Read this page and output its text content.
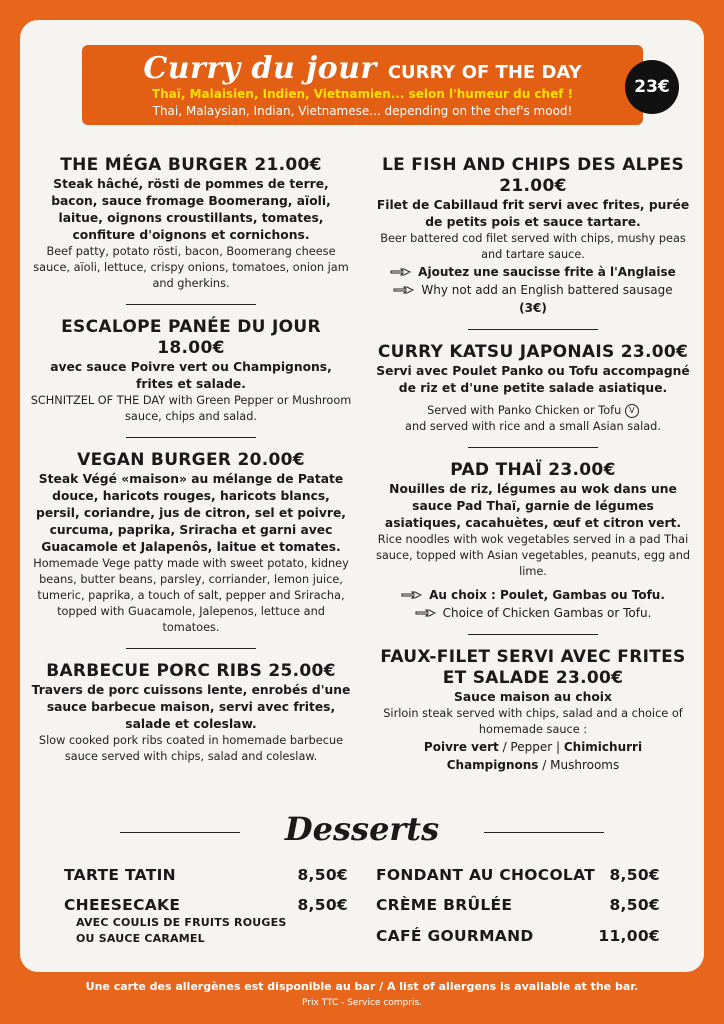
Curry du jour CURRY OF THE DAY
Thaï, Malaisien, Indien, Vietnamien... selon l'humeur du chef !
Thai, Malaysian, Indian, Vietnamese... depending on the chef's mood!
23€
THE MÉGA BURGER 21.00€
Steak hâché, rösti de pommes de terre, bacon, sauce fromage Boomerang, aïoli, laitue, oignons croustillants, tomates, confiture d'oignons et cornichons.
Beef patty, potato rösti, bacon, Boomerang cheese sauce, aïoli, lettuce, crispy onions, tomatoes, onion jam and gherkins.
ESCALOPE PANÉE DU JOUR 18.00€
avec sauce Poivre vert ou Champignons, frites et salade.
SCHNITZEL OF THE DAY with Green Pepper or Mushroom sauce, chips and salad.
VEGAN BURGER 20.00€
Steak Végé «maison» au mélange de Patate douce, haricots rouges, haricots blancs, persil, coriandre, jus de citron, sel et poivre, curcuma, paprika, Sriracha et garni avec Guacamole et Jalapenôs, laitue et tomates.
Homemade Vege patty made with sweet potato, kidney beans, butter beans, parsley, corriander, lemon juice, tumeric, paprika, a touch of salt, pepper and Sriracha, topped with Guacamole, Jalepenos, lettuce and tomatoes.
BARBECUE PORC RIBS 25.00€
Travers de porc cuissons lente, enrobés d'une sauce barbecue maison, servi avec frites, salade et coleslaw.
Slow cooked pork ribs coated in homemade barbecue sauce served with chips, salad and coleslaw.
LE FISH AND CHIPS DES ALPES
21.00€
Filet de Cabillaud frit servi avec frites, purée de petits pois et sauce tartare.
Beer battered cod filet served with chips, mushy peas and tartare sauce.
Ajoutez une saucisse frite à l'Anglaise
Why not add an English battered sausage
(3€)
CURRY KATSU JAPONAIS 23.00€
Servi avec Poulet Panko ou Tofu accompagné de riz et d'une petite salade asiatique.
Served with Panko Chicken or Tofu V
and served with rice and a small Asian salad.
PAD THAÏ 23.00€
Nouilles de riz, légumes au wok dans une sauce Pad Thaï, garnie de légumes asiatiques, cacahuètes, œuf et citron vert.
Rice noodles with wok vegetables served in a pad Thai sauce, topped with Asian vegetables, peanuts, egg and lime.
Au choix : Poulet, Gambas ou Tofu.
Choice of Chicken Gambas or Tofu.
FAUX-FILET SERVI AVEC FRITES ET SALADE 23.00€
Sauce maison au choix
Sirloin steak served with chips, salad and a choice of homemade sauce :
Poivre vert / Pepper | Chimichurri
Champignons / Mushrooms
Desserts
TARTE TATIN	8,50€
CHEESECAKE	8,50€
AVEC COULIS DE FRUITS ROUGES
OU SAUCE CARAMEL
FONDANT AU CHOCOLAT 8,50€
CRÈME BRÛLÉE	8,50€
CAFÉ GOURMAND	11,00€
Une carte des allergènes est disponible au bar / A list of allergens is available at the bar.
Prix TTC - Service compris.
